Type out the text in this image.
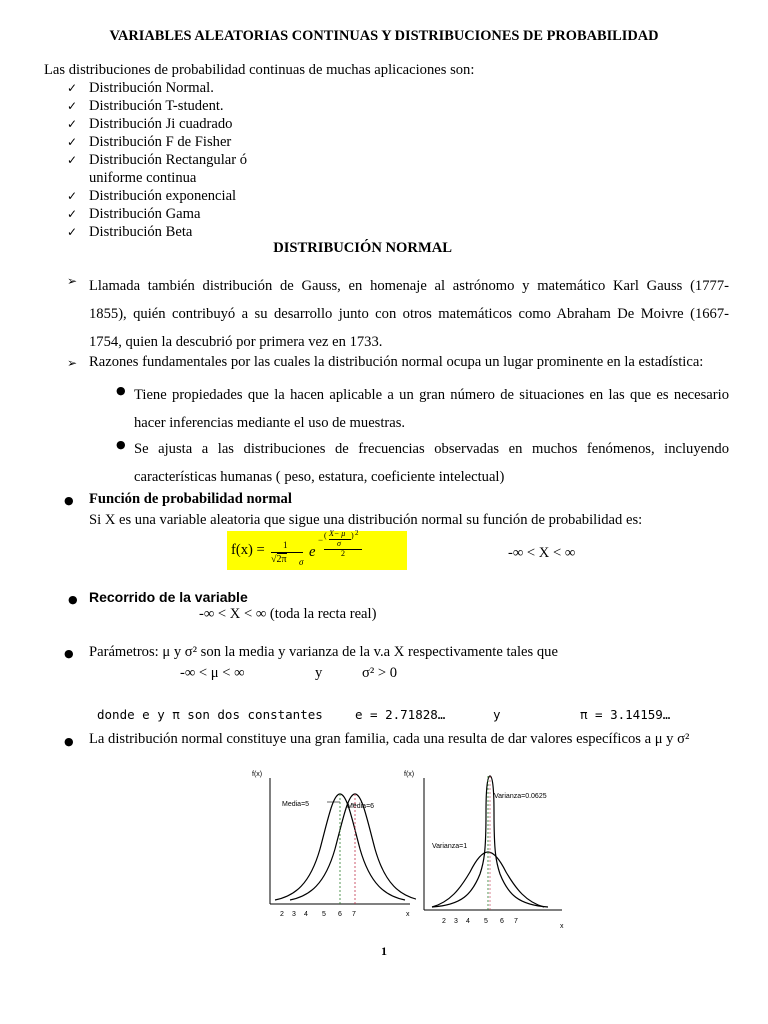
VARIABLES ALEATORIAS CONTINUAS Y DISTRIBUCIONES DE PROBABILIDAD
Las distribuciones de probabilidad continuas de muchas aplicaciones son:
✓ Distribución Normal.
✓ Distribución T-student.
✓ Distribución Ji cuadrado
✓ Distribución F de Fisher
✓ Distribución Rectangular ó
uniforme continua
✓ Distribución exponencial
✓ Distribución Gama
✓ Distribución Beta
DISTRIBUCIÓN NORMAL
➢ Llamada también distribución de Gauss, en homenaje al astrónomo y matemático Karl Gauss (1777-
1855), quién contribuyó a su desarrollo junto con otros matemáticos como Abraham De Moivre (1667-
1754, quien la descubrió por primera vez en 1733.
➢ Razones fundamentales por las cuales la distribución normal ocupa un lugar prominente en la estadística:
● Tiene propiedades que la hacen aplicable a un gran número de situaciones en las que es necesario
hacer inferencias mediante el uso de muestras.
● Se ajusta a las distribuciones de frecuencias observadas en muchos fenómenos, incluyendo
características humanas ( peso, estatura, coeficiente intelectual)
● Función de probabilidad normal
Si X es una variable aleatoria que sigue una distribución normal su función de probabilidad es:
f(x) = 1
√2π σ
e
− ( X− μ
σ
) 2
2	-∞ < X < ∞
● Recorrido de la variable
-∞ < X < ∞ (toda la recta real)
● Parámetros: μ y σ² son la media y varianza de la v.a X respectivamente tales que
-∞ < μ < ∞	y	σ² > 0
donde e y π son dos constantes	e = 2.71828…	y	π = 3.14159…
● La distribución normal constituye una gran familia, cada una resulta de dar valores específicos a μ y σ²
f(x)
Media=5	Media=6
2 3 4 5 6 7	x
f(x)
Varianza=0.0625
Varianza=1
2 3 4 5 6 7
x
1
